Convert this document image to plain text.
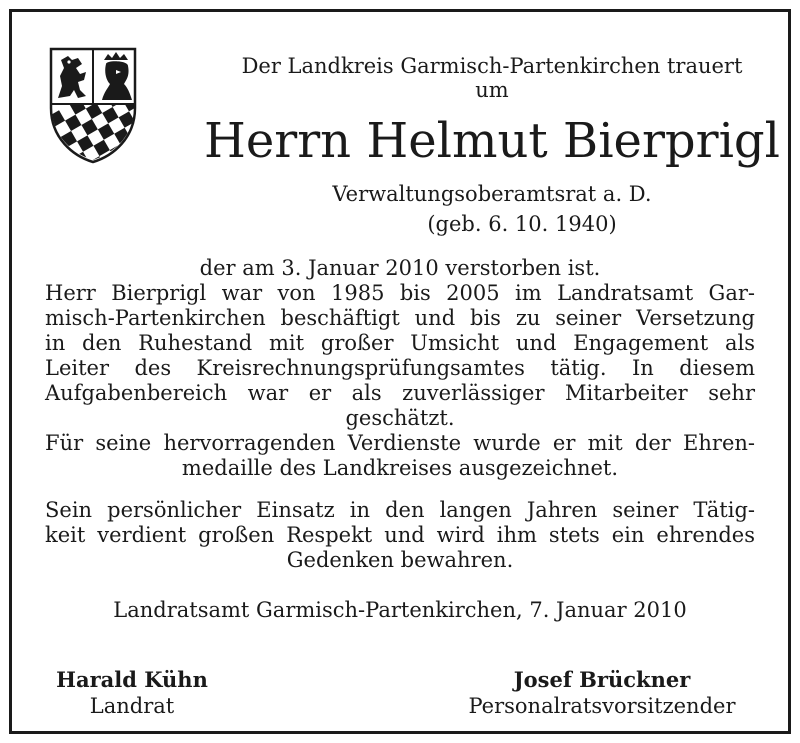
Der Landkreis Garmisch-Partenkirchen trauert
um
Herrn Helmut Bierprigl
Verwaltungsoberamtsrat a. D.
(geb. 6. 10. 1940)
der am 3. Januar 2010 verstorben ist.
Herr Bierprigl war von 1985 bis 2005 im Landratsamt Gar-
misch-Partenkirchen beschäftigt und bis zu seiner Versetzung
in den Ruhestand mit großer Umsicht und Engagement als
Leiter des Kreisrechnungsprüfungsamtes tätig. In diesem
Aufgabenbereich war er als zuverlässiger Mitarbeiter sehr
geschätzt.
Für seine hervorragenden Verdienste wurde er mit der Ehren-
medaille des Landkreises ausgezeichnet.
Sein persönlicher Einsatz in den langen Jahren seiner Tätig-
keit verdient großen Respekt und wird ihm stets ein ehrendes
Gedenken bewahren.
Landratsamt Garmisch-Partenkirchen, 7. Januar 2010
Harald Kühn
Landrat
Josef Brückner
Personalratsvorsitzender
